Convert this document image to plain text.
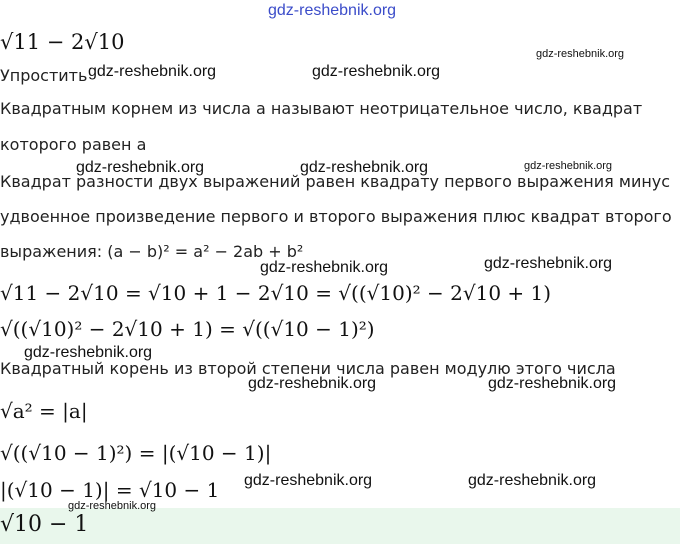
√11 − 2√10
Упростить
Квадратным корнем из числа a называют неотрицательное число, квадрат
которого равен a
Квадрат разности двух выражений равен квадрату первого выражения минус
удвоенное произведение первого и второго выражения плюс квадрат второго
выражения: (a − b)² = a² − 2ab + b²
√11 − 2√10 = √10 + 1 − 2√10 = √((√10)² − 2√10 + 1)
√((√10)² − 2√10 + 1) = √((√10 − 1)²)
Квадратный корень из второй степени числа равен модулю этого числа
√a² = |a|
√((√10 − 1)²) = |(√10 − 1)|
|(√10 − 1)| = √10 − 1
√10 − 1
gdz-reshebnik.org
gdz-reshebnik.org
gdz-reshebnik.org	gdz-reshebnik.org
gdz-reshebnik.org	gdz-reshebnik.org	gdz-reshebnik.org
gdz-reshebnik.org	gdz-reshebnik.org
gdz-reshebnik.org
gdz-reshebnik.org	gdz-reshebnik.org
gdz-reshebnik.org	gdz-reshebnik.org
gdz-reshebnik.org
